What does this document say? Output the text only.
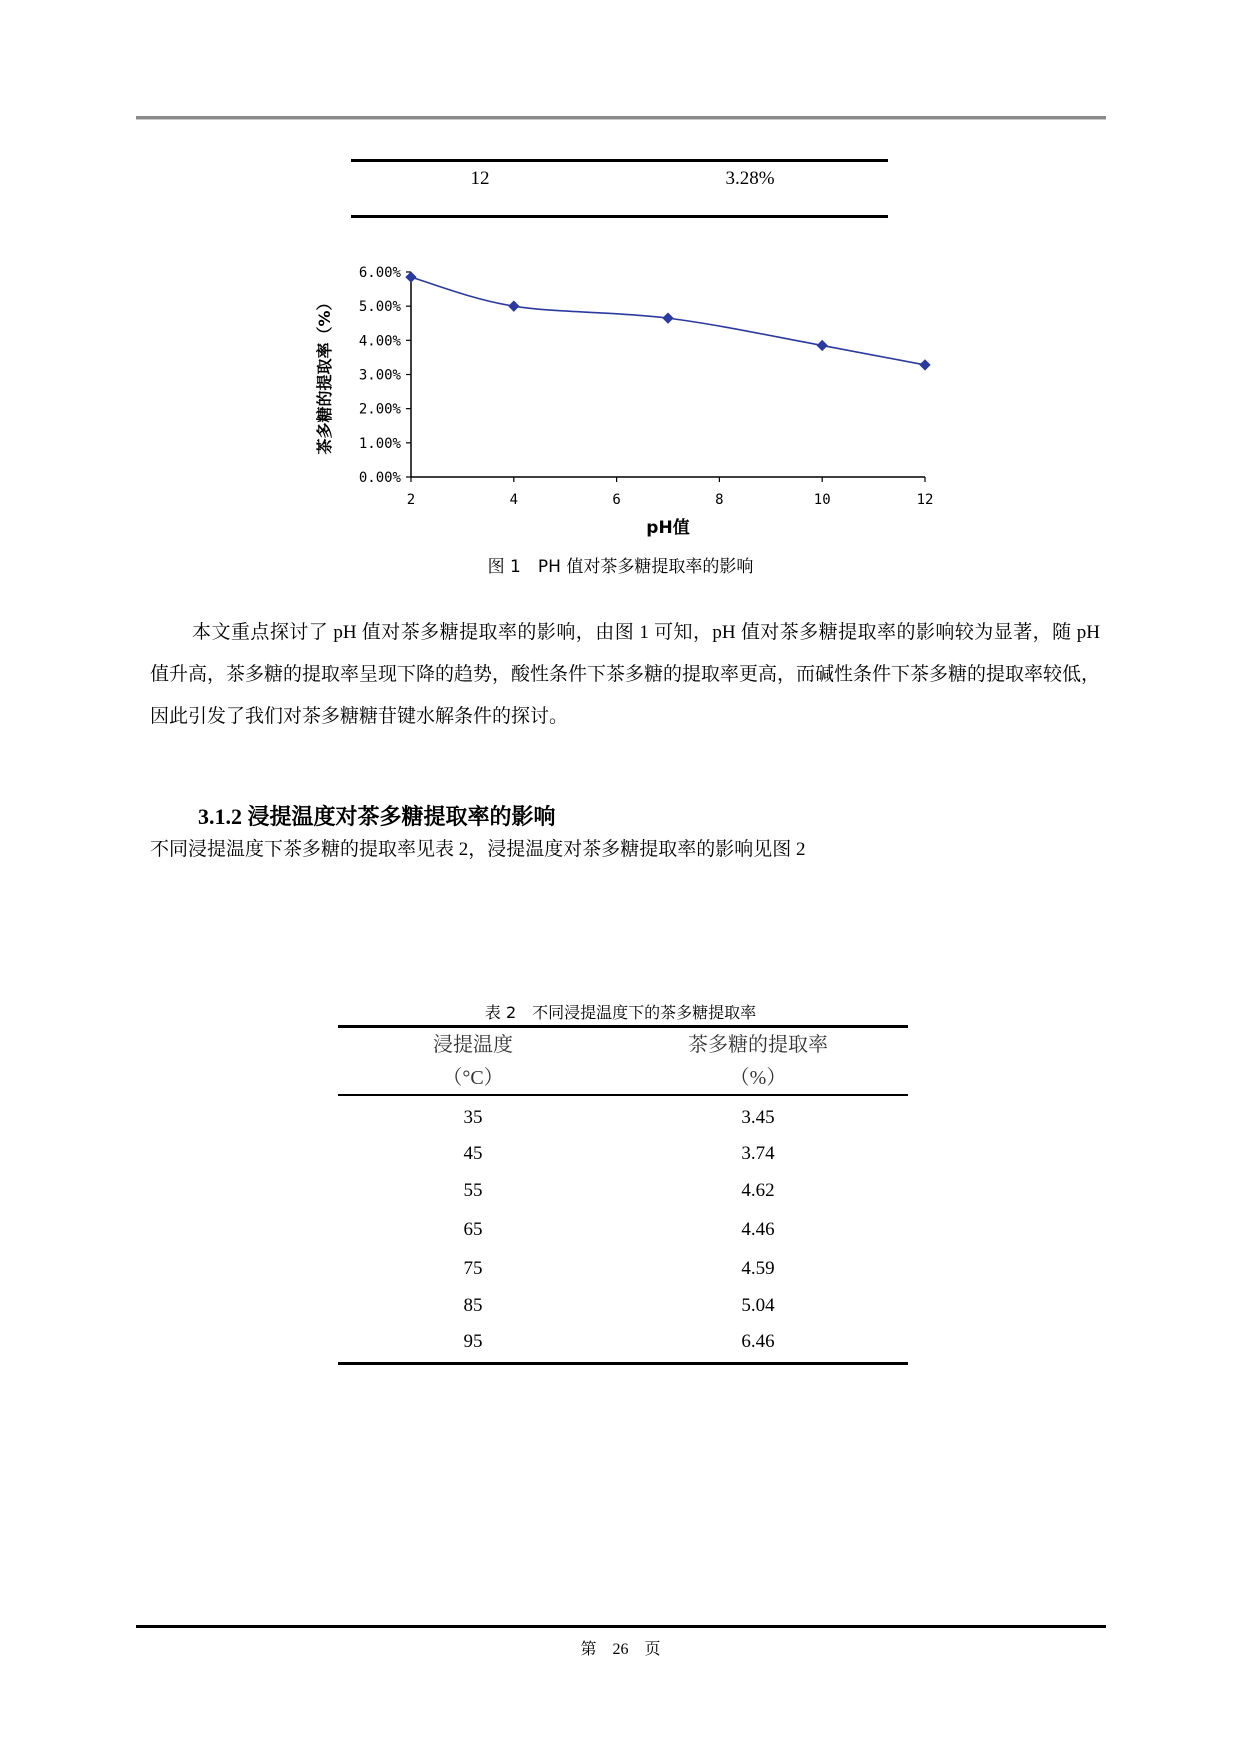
12	3.28%
0.00%
1.00%
2.00%
3.00%
4.00%
5.00%
6.00%
2	4	6	8	10	12
pH值
茶多糖的提取率（%）
图 1　PH 值对茶多糖提取率的影响

本文重点探讨了 pH 值对茶多糖提取率的影响，由图 1 可知，pH 值对茶多糖提取率的影响较为显著，随 pH 值升高，茶多糖的提取率呈现下降的趋势，酸性条件下茶多糖的提取率更高，而碱性条件下茶多糖的提取率较低，因此引发了我们对茶多糖糖苷键水解条件的探讨。

3.1.2 浸提温度对茶多糖提取率的影响
不同浸提温度下茶多糖的提取率见表 2，浸提温度对茶多糖提取率的影响见图 2
表 2　不同浸提温度下的茶多糖提取率
浸提温度	茶多糖的提取率
（°C）	（%）
35	3.45
45	3.74
55	4.62
65	4.46
75	4.59
85	5.04
95	6.46
第　26　页
